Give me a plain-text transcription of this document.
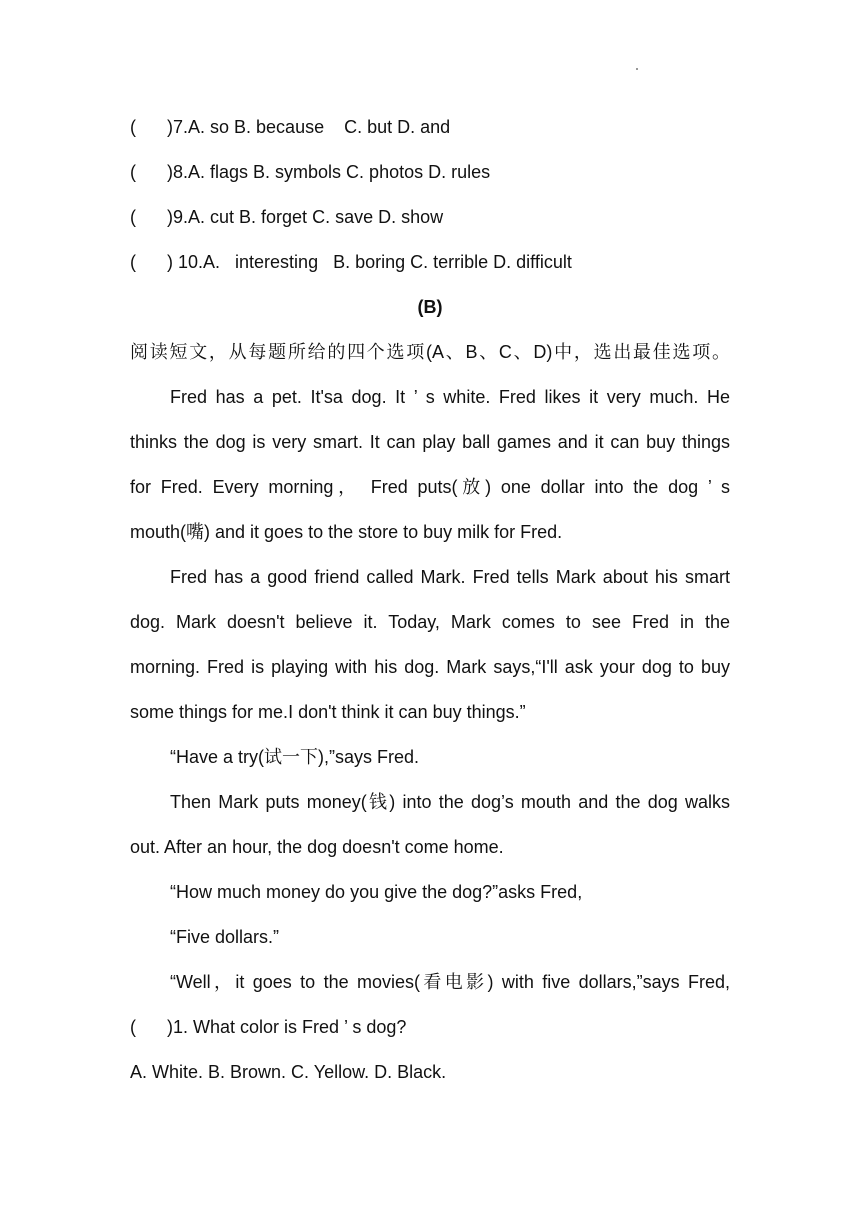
(	)7.A. so B. because    C. but D. and
(	)8.A. flags B. symbols C. photos D. rules
(	)9.A. cut B. forget C. save D. show
(	) 10.A.   interesting   B. boring C. terrible D. difficult
(B)
阅读短文，从每题所给的四个选项(A、B、C、D)中，选出最佳选项。
Fred has a pet. It'sa dog. It ’ s white. Fred likes it very much. He
thinks the dog is very smart. It can play ball games and it can buy things
for Fred. Every morning， Fred puts(放) one dollar into the dog ’ s
mouth(嘴) and it goes to the store to buy milk for Fred.
Fred has a good friend called Mark. Fred tells Mark about his smart
dog. Mark doesn't believe it. Today, Mark comes to see Fred in the
morning. Fred is playing with his dog. Mark says,“I'll ask your dog to buy
some things for me.I don't think it can buy things.”
“Have a try(试一下),”says Fred.
Then Mark puts money(钱) into the dog’s mouth and the dog walks
out. After an hour, the dog doesn't come home.
“How much money do you give the dog?”asks Fred,
“Five dollars.”
“Well，it goes to the movies(看电影) with five dollars,”says Fred,
(	)1. What color is Fred ’ s dog?
A. White. B. Brown. C. Yellow. D. Black.
